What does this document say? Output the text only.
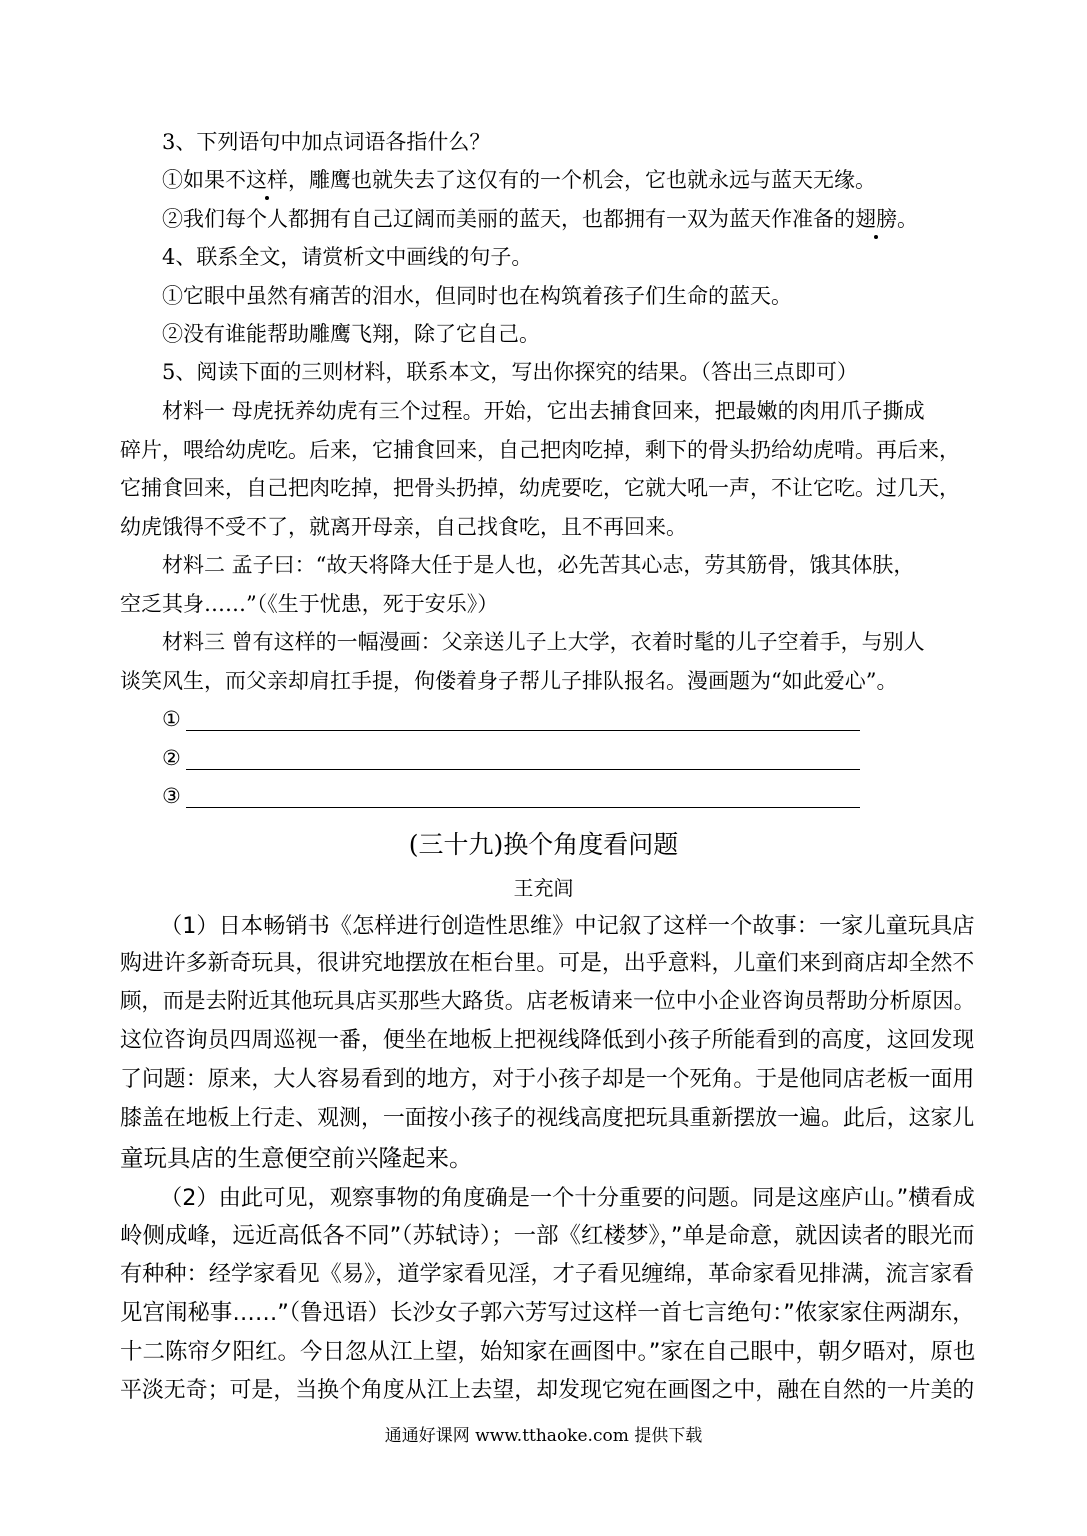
3、下列语句中加点词语各指什么？
①如果不这样，雕鹰也就失去了这仅有的一个机会，它也就永远与蓝天无缘。
②我们每个人都拥有自己辽阔而美丽的蓝天，也都拥有一双为蓝天作准备的翅膀。
4、联系全文，请赏析文中画线的句子。
①它眼中虽然有痛苦的泪水，但同时也在构筑着孩子们生命的蓝天。
②没有谁能帮助雕鹰飞翔，除了它自己。
5、阅读下面的三则材料，联系本文，写出你探究的结果。（答出三点即可）
材料一 母虎抚养幼虎有三个过程。开始，它出去捕食回来，把最嫩的肉用爪子撕成
碎片，喂给幼虎吃。后来，它捕食回来，自己把肉吃掉，剩下的骨头扔给幼虎啃。再后来，
它捕食回来，自己把肉吃掉，把骨头扔掉，幼虎要吃，它就大吼一声，不让它吃。过几天，
幼虎饿得不受不了，就离开母亲，自己找食吃，且不再回来。
材料二 孟子曰：“故天将降大任于是人也，必先苦其心志，劳其筋骨，饿其体肤，
空乏其身……”（《生于忧患，死于安乐》）
材料三 曾有这样的一幅漫画：父亲送儿子上大学，衣着时髦的儿子空着手，与别人
谈笑风生，而父亲却肩扛手提，佝偻着身子帮儿子排队报名。漫画题为“如此爱心”。
①
②
③
(三十九)换个角度看问题
王充闾
（1）日本畅销书《怎样进行创造性思维》中记叙了这样一个故事：一家儿童玩具店
购进许多新奇玩具，很讲究地摆放在柜台里。可是，出乎意料，儿童们来到商店却全然不
顾，而是去附近其他玩具店买那些大路货。店老板请来一位中小企业咨询员帮助分析原因。
这位咨询员四周巡视一番，便坐在地板上把视线降低到小孩子所能看到的高度，这回发现
了问题：原来，大人容易看到的地方，对于小孩子却是一个死角。于是他同店老板一面用
膝盖在地板上行走、观测，一面按小孩子的视线高度把玩具重新摆放一遍。此后，这家儿
童玩具店的生意便空前兴隆起来。
（2）由此可见，观察事物的角度确是一个十分重要的问题。同是这座庐山。”横看成
岭侧成峰，远近高低各不同”（苏轼诗）；一部《红楼梦》，”单是命意，就因读者的眼光而
有种种：经学家看见《易》，道学家看见淫，才子看见缠绵，革命家看见排满，流言家看
见宫闱秘事……”（鲁迅语）长沙女子郭六芳写过这样一首七言绝句：”侬家家住两湖东，
十二陈帘夕阳红。今日忽从江上望，始知家在画图中。”家在自己眼中，朝夕晤对，原也
平淡无奇；可是，当换个角度从江上去望，却发现它宛在画图之中，融在自然的一片美的
通通好课网 www.tthaoke.com 提供下载
